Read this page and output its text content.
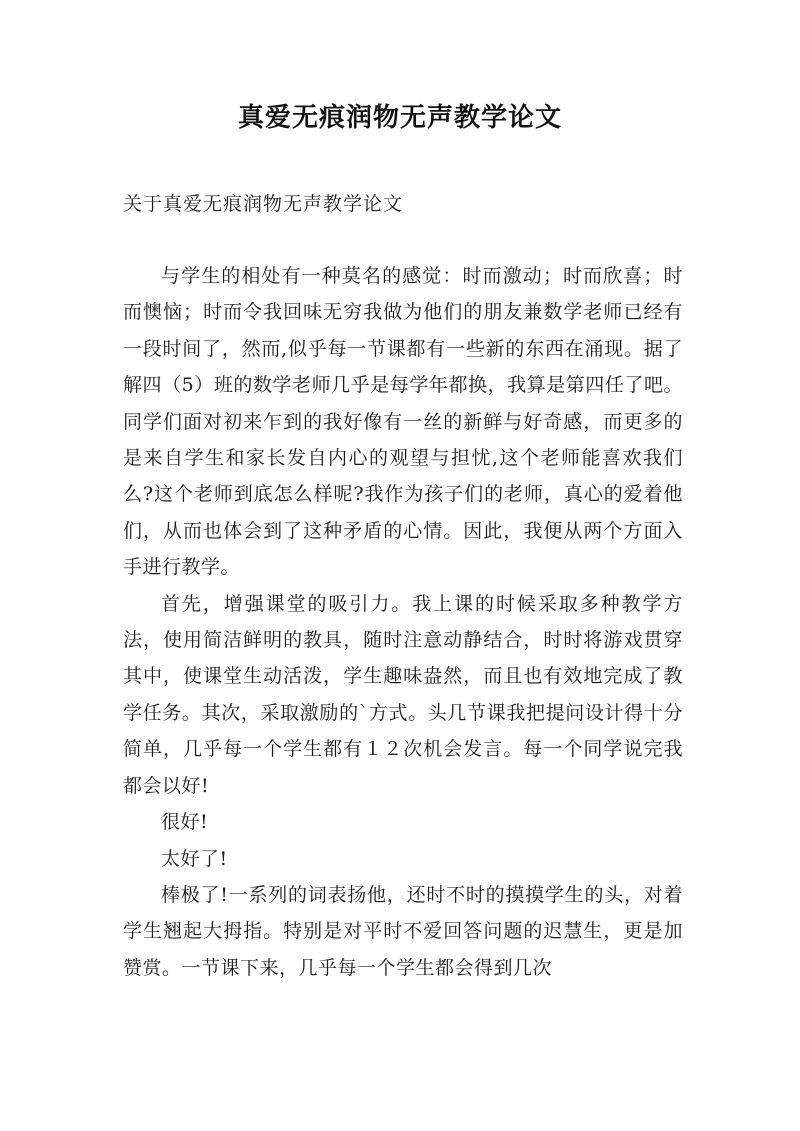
真爱无痕润物无声教学论文

关于真爱无痕润物无声教学论文

与学生的相处有一种莫名的感觉：时而激动；时而欣喜；时而懊恼；时而令我回味无穷我做为他们的朋友兼数学老师已经有一段时间了，然而,似乎每一节课都有一些新的东西在涌现。据了解四（5）班的数学老师几乎是每学年都换，我算是第四任了吧。同学们面对初来乍到的我好像有一丝的新鲜与好奇感，而更多的是来自学生和家长发自内心的观望与担忧,这个老师能喜欢我们么?这个老师到底怎么样呢?我作为孩子们的老师，真心的爱着他们，从而也体会到了这种矛盾的心情。因此，我便从两个方面入手进行教学。

首先，增强课堂的吸引力。我上课的时候采取多种教学方法，使用简洁鲜明的教具，随时注意动静结合，时时将游戏贯穿其中，使课堂生动活泼，学生趣味盎然，而且也有效地完成了教学任务。其次，采取激励的`方式。头几节课我把提问设计得十分简单，几乎每一个学生都有１２次机会发言。每一个同学说完我都会以好!

很好!

太好了!

棒极了!一系列的词表扬他，还时不时的摸摸学生的头，对着学生翘起大拇指。特别是对平时不爱回答问题的迟慧生，更是加赞赏。一节课下来，几乎每一个学生都会得到几次
